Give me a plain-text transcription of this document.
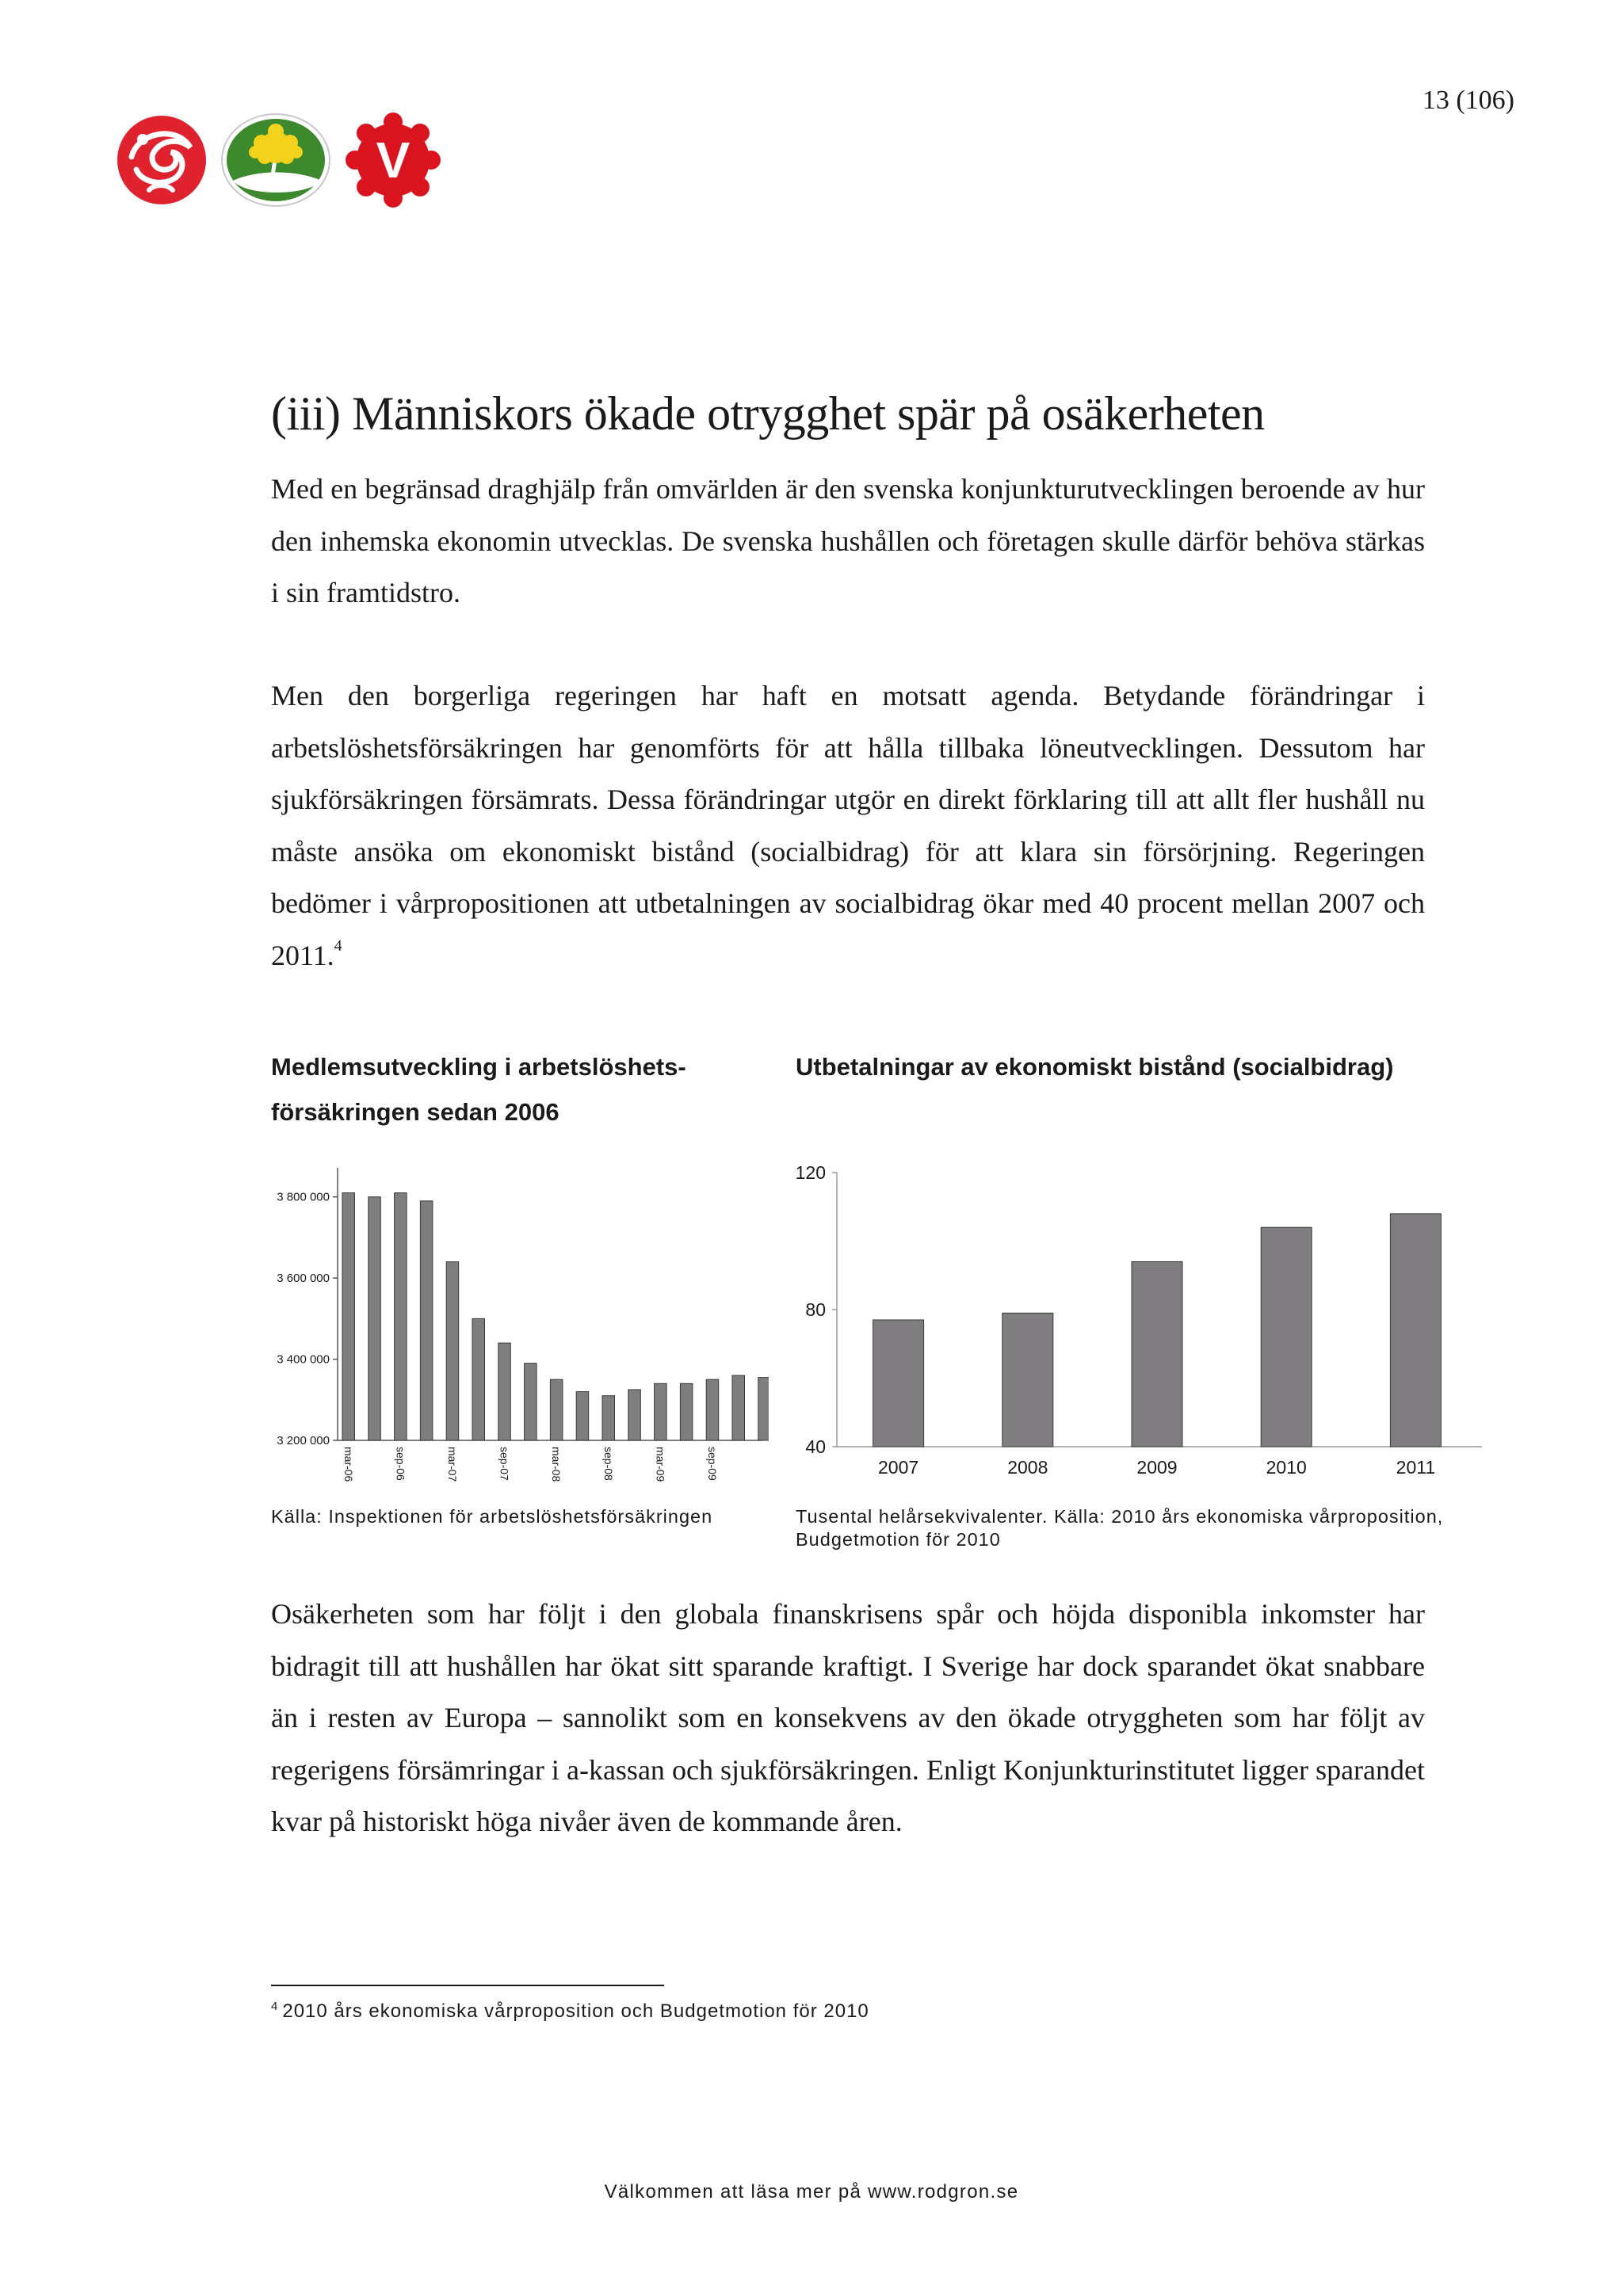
13 (106)
V
(iii) Människors ökade otrygghet spär på osäkerheten

Med en begränsad draghjälp från omvärlden är den svenska konjunkturutvecklingen beroende av hur den inhemska ekonomin utvecklas. De svenska hushållen och företagen skulle därför behöva stärkas i sin framtidstro.

Men den borgerliga regeringen har haft en motsatt agenda. Betydande förändringar i arbetslöshetsförsäkringen har genomförts för att hålla tillbaka löneutvecklingen. Dessutom har sjukförsäkringen försämrats. Dessa förändringar utgör en direkt förklaring till att allt fler hushåll nu måste ansöka om ekonomiskt bistånd (socialbidrag) för att klara sin försörjning. Regeringen bedömer i vårpropositionen att utbetalningen av socialbidrag ökar med 40 procent mellan 2007 och 2011.$^4$

Medlemsutveckling i arbetslöshets-

försäkringen sedan 2006

3 200 000
3 400 000
3 600 000
3 800 000
mar-06	sep-06	mar-07	sep-07	mar-08	sep-08	mar-09	sep-09

Källa: Inspektionen för arbetslöshetsförsäkringen

Utbetalningar av ekonomiskt bistånd (socialbidrag)

40
80
120
2007	2008	2009	2010	2011

Tusental helårsekvivalenter. Källa: 2010 års ekonomiska vårproposition,

Budgetmotion för 2010

Osäkerheten som har följt i den globala finanskrisens spår och höjda disponibla inkomster har bidragit till att hushållen har ökat sitt sparande kraftigt. I Sverige har dock sparandet ökat snabbare än i resten av Europa – sannolikt som en konsekvens av den ökade otryggheten som har följt av regerigens försämringar i a-kassan och sjukförsäkringen. Enligt Konjunkturinstitutet ligger sparandet kvar på historiskt höga nivåer även de kommande åren.

$^4$ 2010 års ekonomiska vårproposition och Budgetmotion för 2010
Välkommen att läsa mer på www.rodgron.se
